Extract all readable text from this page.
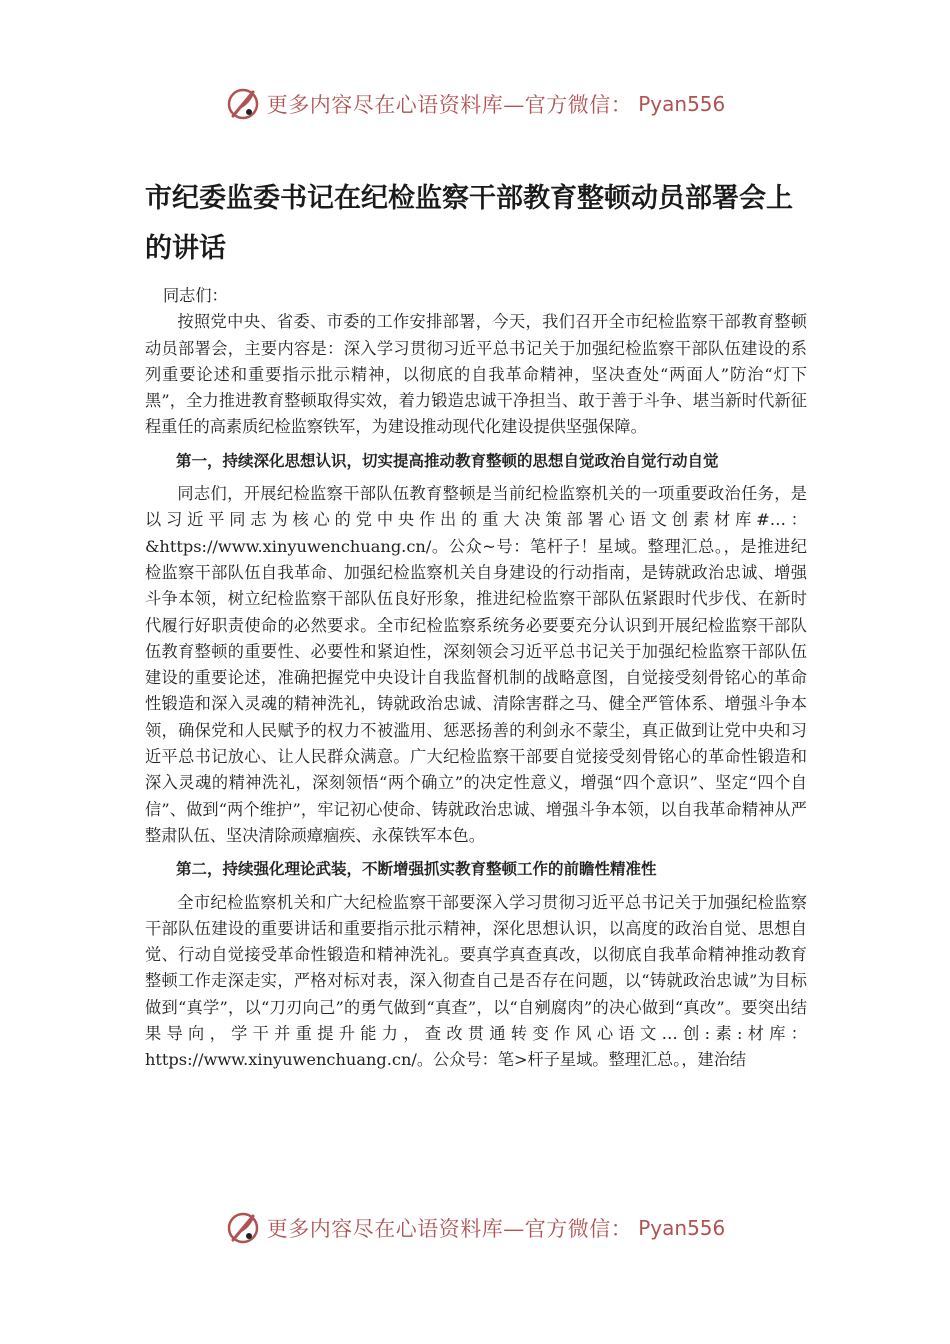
更多内容尽在心语资料库—官方微信： Pyan556
市纪委监委书记在纪检监察干部教育整顿动员部署会上的讲话

同志们：

按照党中央、省委、市委的工作安排部署，今天，我们召开全市纪检监察干部教育整顿动员部署会，主要内容是：深入学习贯彻习近平总书记关于加强纪检监察干部队伍建设的系列重要论述和重要指示批示精神，以彻底的自我革命精神，坚决查处“两面人”防治“灯下黑”，全力推进教育整顿取得实效，着力锻造忠诚干净担当、敢于善于斗争、堪当新时代新征程重任的高素质纪检监察铁军，为建设推动现代化建设提供坚强保障。

第一，持续深化思想认识，切实提高推动教育整顿的思想自觉政治自觉行动自觉

同志们，开展纪检监察干部队伍教育整顿是当前纪检监察机关的一项重要政治任务，是以习近平同志为核心的党中央作出的重大决策部署心语文创素材库#…：&https://www.xinyuwenchuang.cn/。公众~号：笔杆子！星域。整理汇总。，是推进纪检监察干部队伍自我革命、加强纪检监察机关自身建设的行动指南，是铸就政治忠诚、增强斗争本领，树立纪检监察干部队伍良好形象，推进纪检监察干部队伍紧跟时代步伐、在新时代履行好职责使命的必然要求。全市纪检监察系统务必要要充分认识到开展纪检监察干部队伍教育整顿的重要性、必要性和紧迫性，深刻领会习近平总书记关于加强纪检监察干部队伍建设的重要论述，准确把握党中央设计自我监督机制的战略意图，自觉接受刻骨铭心的革命性锻造和深入灵魂的精神洗礼，铸就政治忠诚、清除害群之马、健全严管体系、增强斗争本领，确保党和人民赋予的权力不被滥用、惩恶扬善的利剑永不蒙尘，真正做到让党中央和习近平总书记放心、让人民群众满意。广大纪检监察干部要自觉接受刻骨铭心的革命性锻造和深入灵魂的精神洗礼，深刻领悟“两个确立”的决定性意义，增强“四个意识”、坚定“四个自信”、做到“两个维护”，牢记初心使命、铸就政治忠诚、增强斗争本领，以自我革命精神从严整肃队伍、坚决清除顽瘴痼疾、永葆铁军本色。

第二，持续强化理论武装，不断增强抓实教育整顿工作的前瞻性精准性

全市纪检监察机关和广大纪检监察干部要深入学习贯彻习近平总书记关于加强纪检监察干部队伍建设的重要讲话和重要指示批示精神，深化思想认识，以高度的政治自觉、思想自觉、行动自觉接受革命性锻造和精神洗礼。要真学真查真改，以彻底自我革命精神推动教育整顿工作走深走实，严格对标对表，深入彻查自己是否存在问题，以“铸就政治忠诚”为目标做到“真学”，以“刀刃向己”的勇气做到“真查”，以“自剜腐肉”的决心做到“真改”。要突出结果导向，学干并重提升能力，查改贯通转变作风心语文…创:素:材库：https://www.xinyuwenchuang.cn/。公众号：笔>杆子星域。整理汇总。，建治结

更多内容尽在心语资料库—官方微信： Pyan556
